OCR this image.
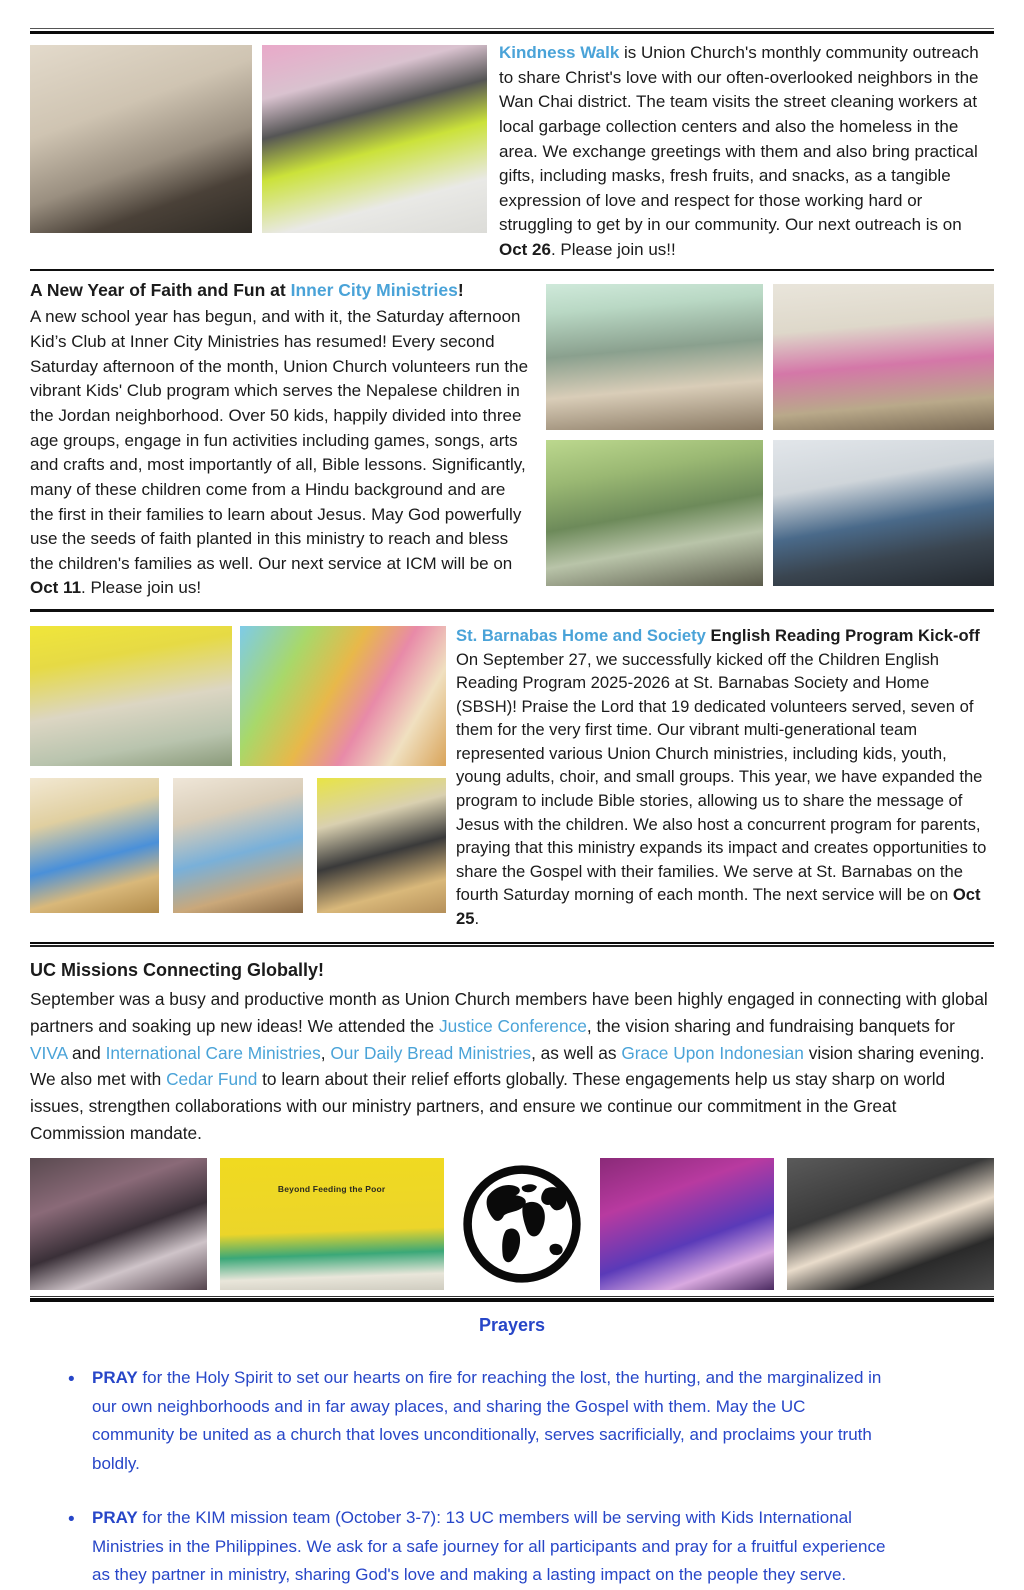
Kindness Walk is Union Church's monthly community outreach to share Christ's love with our often-overlooked neighbors in the Wan Chai district. The team visits the street cleaning workers at local garbage collection centers and also the homeless in the area. We exchange greetings with them and also bring practical gifts, including masks, fresh fruits, and snacks, as a tangible expression of love and respect for those working hard or struggling to get by in our community. Our next outreach is on Oct 26. Please join us!!
A New Year of Faith and Fun at Inner City Ministries!
A new school year has begun, and with it, the Saturday afternoon Kid’s Club at Inner City Ministries has resumed! Every second Saturday afternoon of the month, Union Church volunteers run the vibrant Kids' Club program which serves the Nepalese children in the Jordan neighborhood. Over 50 kids, happily divided into three age groups, engage in fun activities including games, songs, arts and crafts and, most importantly of all, Bible lessons. Significantly, many of these children come from a Hindu background and are the first in their families to learn about Jesus. May God powerfully use the seeds of faith planted in this ministry to reach and bless the children's families as well. Our next service at ICM will be on Oct 11. Please join us!
St. Barnabas Home and Society English Reading Program Kick-off
On September 27, we successfully kicked off the Children English Reading Program 2025-2026 at St. Barnabas Society and Home (SBSH)! Praise the Lord that 19 dedicated volunteers served, seven of them for the very first time. Our vibrant multi-generational team represented various Union Church ministries, including kids, youth, young adults, choir, and small groups. This year, we have expanded the program to include Bible stories, allowing us to share the message of Jesus with the children. We also host a concurrent program for parents, praying that this ministry expands its impact and creates opportunities to share the Gospel with their families. We serve at St. Barnabas on the fourth Saturday morning of each month. The next service will be on Oct 25.
UC Missions Connecting Globally!
September was a busy and productive month as Union Church members have been highly engaged in connecting with global partners and soaking up new ideas! We attended the Justice Conference, the vision sharing and fundraising banquets for VIVA and International Care Ministries, Our Daily Bread Ministries, as well as Grace Upon Indonesian vision sharing evening. We also met with Cedar Fund to learn about their relief efforts globally. These engagements help us stay sharp on world issues, strengthen collaborations with our ministry partners, and ensure we continue our commitment in the Great Commission mandate.
Beyond Feeding the Poor
Prayers
• PRAY for the Holy Spirit to set our hearts on fire for reaching the lost, the hurting, and the marginalized in our own neighborhoods and in far away places, and sharing the Gospel with them. May the UC community be united as a church that loves unconditionally, serves sacrificially, and proclaims your truth boldly.
• PRAY for the KIM mission team (October 3-7): 13 UC members will be serving with Kids International Ministries in the Philippines. We ask for a safe journey for all participants and pray for a fruitful experience as they partner in ministry, sharing God's love and making a lasting impact on the people they serve.
